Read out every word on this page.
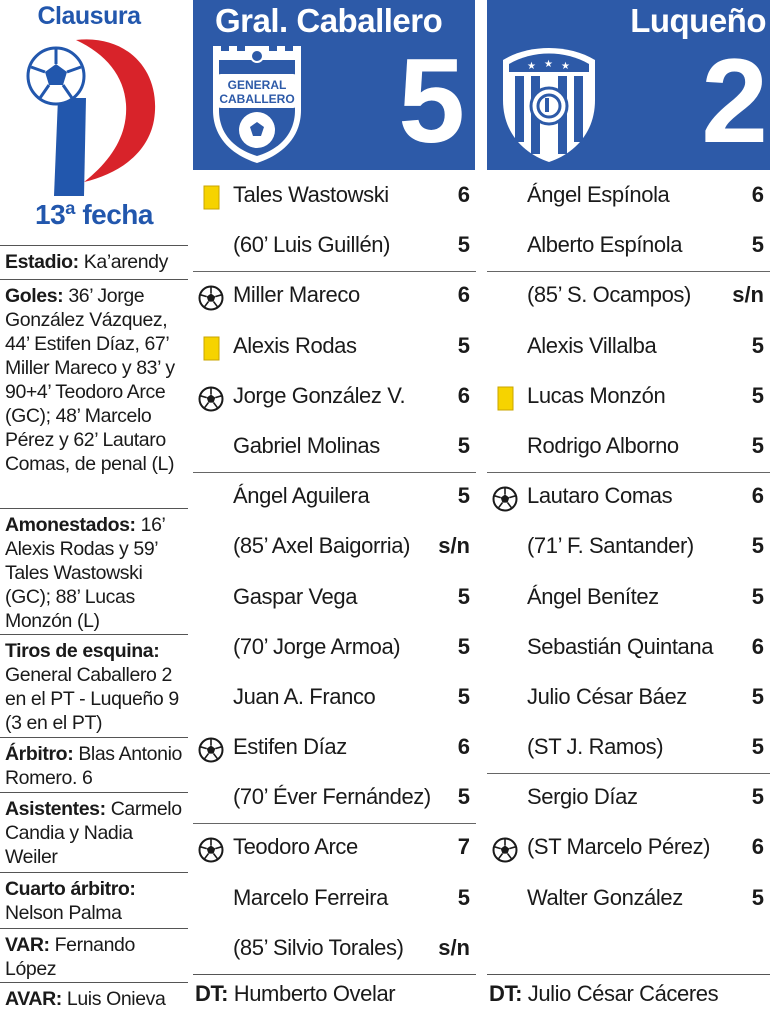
Clausura
13ª fecha
Estadio: Ka’arendy
Goles: 36’ Jorge González Vázquez, 44’ Estifen Díaz, 67’ Miller Mareco y 83’ y 90+4’ Teodoro Arce (GC); 48’ Marcelo Pérez y 62’ Lautaro Comas, de penal (L)
Amonestados: 16’ Alexis Rodas y 59’ Tales Wastowski (GC); 88’ Lucas Monzón (L)
Tiros de esquina: General Caballero 2 en el PT - Luqueño 9 (3 en el PT)
Árbitro: Blas Antonio Romero. 6
Asistentes: Carmelo Candia y Nadia Weiler
Cuarto árbitro: Nelson Palma
VAR: Fernando López
AVAR: Luis Onieva
Gral. Caballero
GENERAL
CABALLERO 5
Luqueño
★ ★ ★ 2
Tales Wastowski	6
(60’ Luis Guillén)	5
Miller Mareco	6
Alexis Rodas	5
Jorge González V. 6
Gabriel Molinas	5
Ángel Aguilera	5
(85’ Axel Baigorria) s/n
Gaspar Vega	5
(70’ Jorge Armoa)	5
Juan A. Franco	5
Estifen Díaz	6
(70’ Éver Fernández) 5
Teodoro Arce	7
Marcelo Ferreira	5
(85’ Silvio Torales) s/n
Ángel Espínola	6
Alberto Espínola	5
(85’ S. Ocampos) s/n
Alexis Villalba	5
Lucas Monzón	5
Rodrigo Alborno	5
Lautaro Comas	6
(71’ F. Santander)	5
Ángel Benítez	5
Sebastián Quintana 6
Julio César Báez	5
(ST J. Ramos)	5
Sergio Díaz	5
(ST Marcelo Pérez) 6
Walter González	5
DT: Humberto Ovelar	DT: Julio César Cáceres
